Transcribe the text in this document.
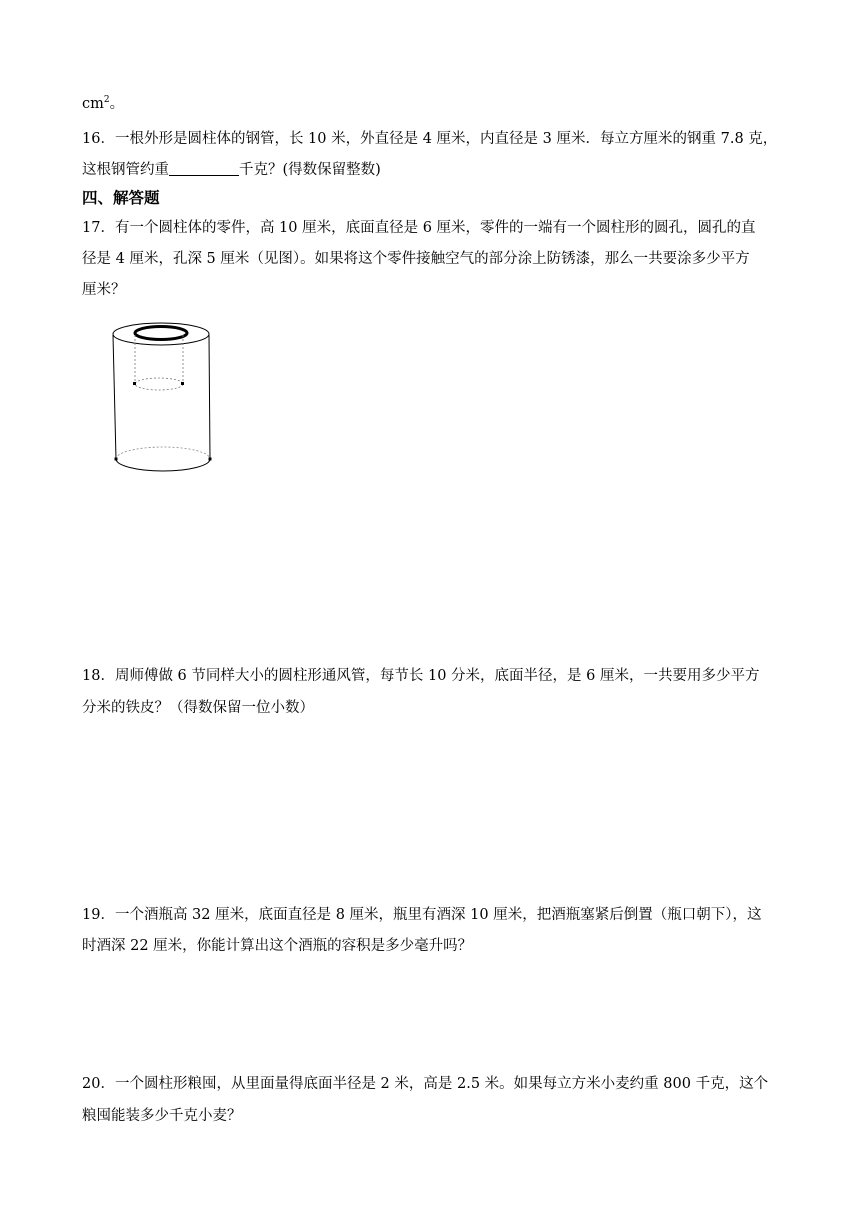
$cm^2$。
16．一根外形是圆柱体的钢管，长 10 米，外直径是 4 厘米，内直径是 3 厘米．每立方厘米的钢重 7.8 克，
这根钢管约重	千克？(得数保留整数)
四、解答题
17．有一个圆柱体的零件，高 10 厘米，底面直径是 6 厘米，零件的一端有一个圆柱形的圆孔，圆孔的直
径是 4 厘米，孔深 5 厘米（见图）。如果将这个零件接触空气的部分涂上防锈漆，那么一共要涂多少平方
厘米？
18．周师傅做 6 节同样大小的圆柱形通风管，每节长 10 分米，底面半径，是 6 厘米，一共要用多少平方
分米的铁皮？（得数保留一位小数）
19．一个酒瓶高 32 厘米，底面直径是 8 厘米，瓶里有酒深 10 厘米，把酒瓶塞紧后倒置（瓶口朝下），这
时酒深 22 厘米，你能计算出这个酒瓶的容积是多少毫升吗？
20．一个圆柱形粮囤，从里面量得底面半径是 2 米，高是 2.5 米。如果每立方米小麦约重 800 千克，这个
粮囤能装多少千克小麦？
